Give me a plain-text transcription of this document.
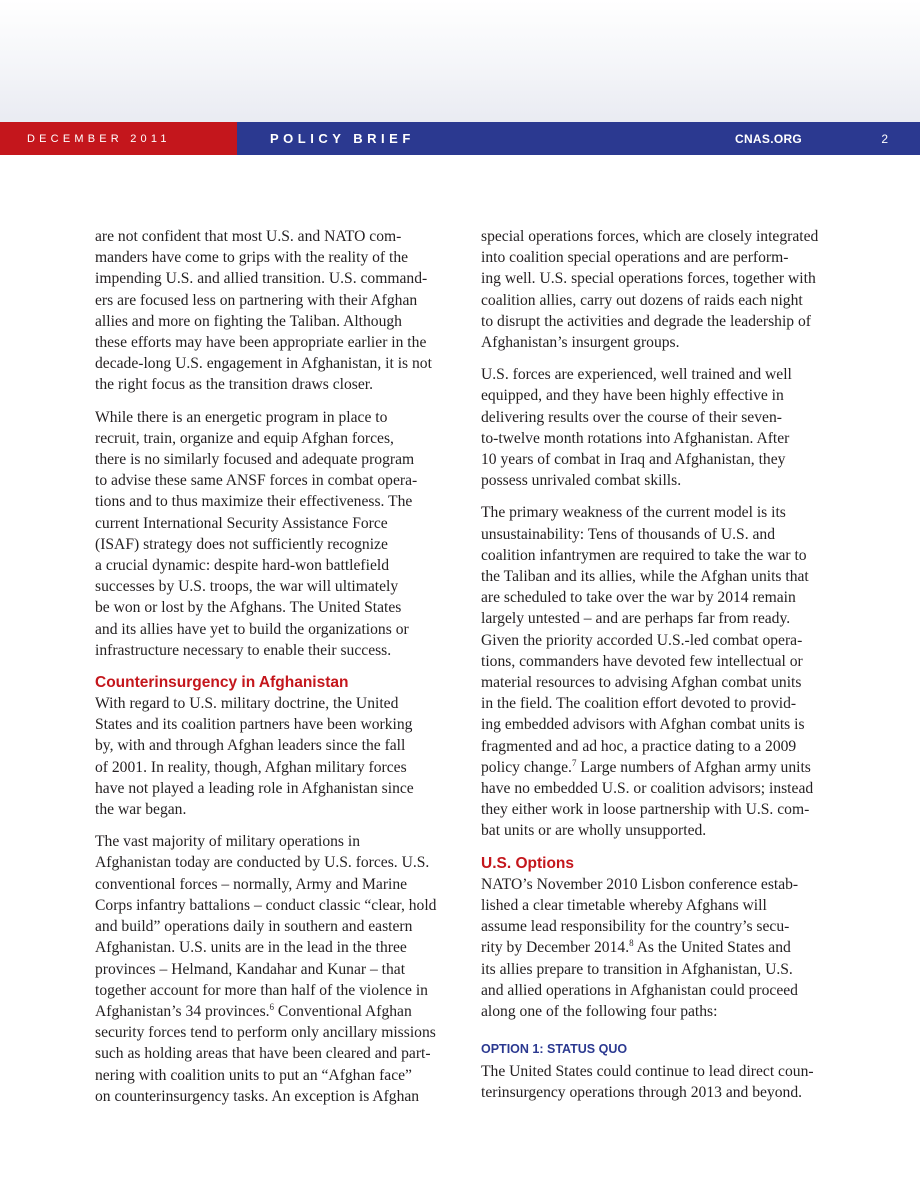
DECEMBER 2011	POLICY BRIEF	CNAS.ORG	2

are not confident that most U.S. and NATO com-
manders have come to grips with the reality of the
impending U.S. and allied transition. U.S. command-
ers are focused less on partnering with their Afghan
allies and more on fighting the Taliban. Although
these efforts may have been appropriate earlier in the
decade-long U.S. engagement in Afghanistan, it is not
the right focus as the transition draws closer.

While there is an energetic program in place to
recruit, train, organize and equip Afghan forces,
there is no similarly focused and adequate program
to advise these same ANSF forces in combat opera-
tions and to thus maximize their effectiveness. The
current International Security Assistance Force
(ISAF) strategy does not sufficiently recognize
a crucial dynamic: despite hard-won battlefield
successes by U.S. troops, the war will ultimately
be won or lost by the Afghans. The United States
and its allies have yet to build the organizations or
infrastructure necessary to enable their success.

Counterinsurgency in Afghanistan

With regard to U.S. military doctrine, the United
States and its coalition partners have been working
by, with and through Afghan leaders since the fall
of 2001. In reality, though, Afghan military forces
have not played a leading role in Afghanistan since
the war began.

The vast majority of military operations in
Afghanistan today are conducted by U.S. forces. U.S.
conventional forces – normally, Army and Marine
Corps infantry battalions – conduct classic “clear, hold
and build” operations daily in southern and eastern
Afghanistan. U.S. units are in the lead in the three
provinces – Helmand, Kandahar and Kunar – that
together account for more than half of the violence in
Afghanistan’s 34 provinces.$^6$ Conventional Afghan
security forces tend to perform only ancillary missions
such as holding areas that have been cleared and part-
nering with coalition units to put an “Afghan face”
on counterinsurgency tasks. An exception is Afghan

special operations forces, which are closely integrated
into coalition special operations and are perform-
ing well. U.S. special operations forces, together with
coalition allies, carry out dozens of raids each night
to disrupt the activities and degrade the leadership of
Afghanistan’s insurgent groups.

U.S. forces are experienced, well trained and well
equipped, and they have been highly effective in
delivering results over the course of their seven-
to-twelve month rotations into Afghanistan. After
10 years of combat in Iraq and Afghanistan, they
possess unrivaled combat skills.

The primary weakness of the current model is its
unsustainability: Tens of thousands of U.S. and
coalition infantrymen are required to take the war to
the Taliban and its allies, while the Afghan units that
are scheduled to take over the war by 2014 remain
largely untested – and are perhaps far from ready.
Given the priority accorded U.S.-led combat opera-
tions, commanders have devoted few intellectual or
material resources to advising Afghan combat units
in the field. The coalition effort devoted to provid-
ing embedded advisors with Afghan combat units is
fragmented and ad hoc, a practice dating to a 2009
policy change.$^7$ Large numbers of Afghan army units
have no embedded U.S. or coalition advisors; instead
they either work in loose partnership with U.S. com-
bat units or are wholly unsupported.

U.S. Options

NATO’s November 2010 Lisbon conference estab-
lished a clear timetable whereby Afghans will
assume lead responsibility for the country’s secu-
rity by December 2014.$^8$ As the United States and
its allies prepare to transition in Afghanistan, U.S.
and allied operations in Afghanistan could proceed
along one of the following four paths:

OPTION 1: STATUS QUO

The United States could continue to lead direct coun-
terinsurgency operations through 2013 and beyond.
